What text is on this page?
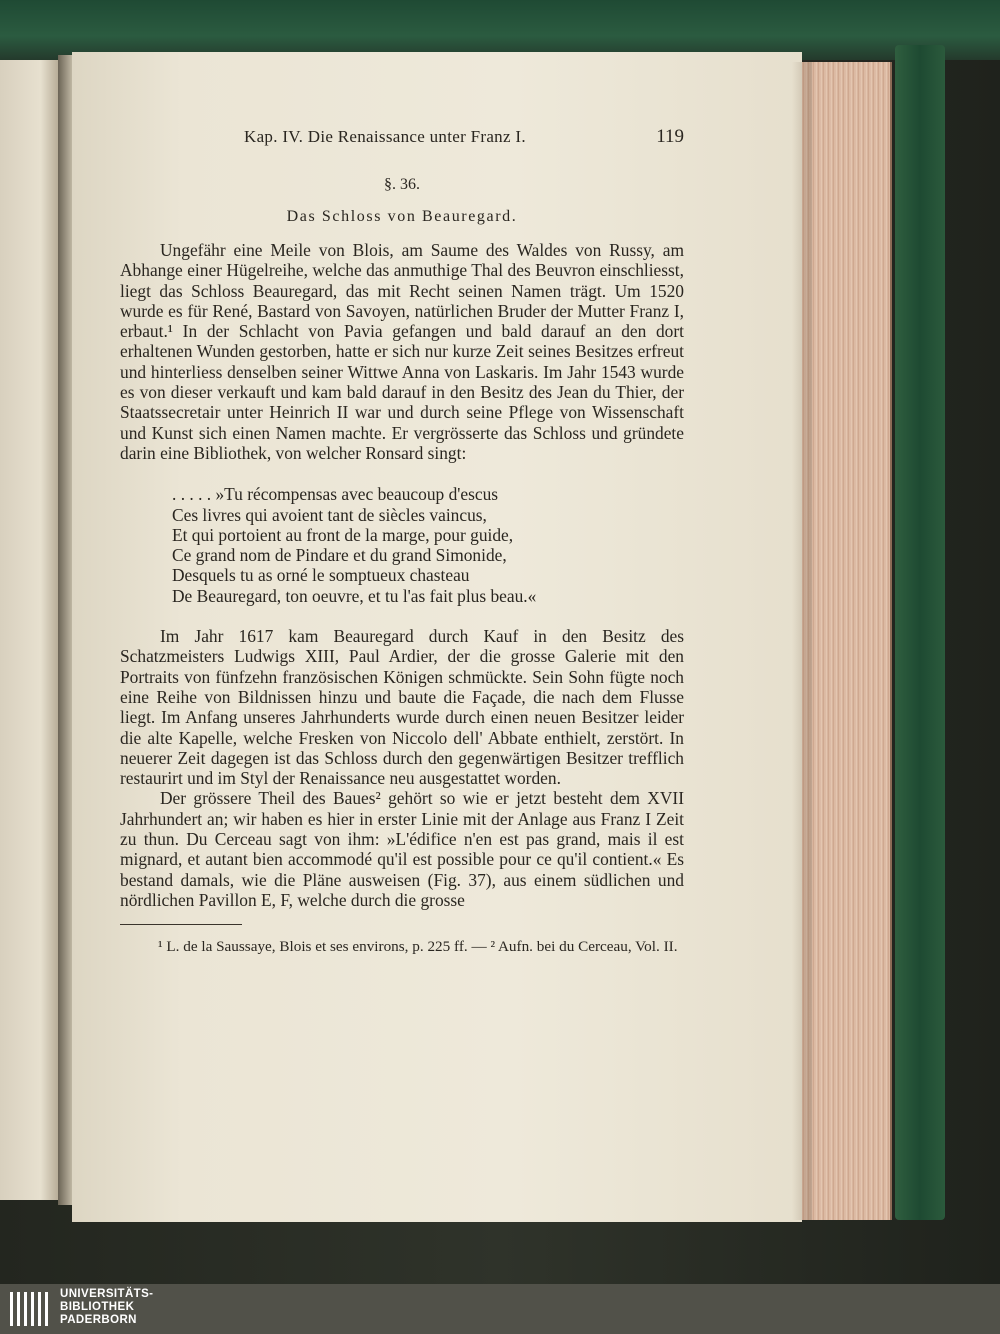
Kap. IV. Die Renaissance unter Franz I.	119
§. 36.
Das Schloss von Beauregard.

Ungefähr eine Meile von Blois, am Saume des Waldes von Russy, am Abhange einer Hügelreihe, welche das anmuthige Thal des Beuvron einschliesst, liegt das Schloss Beauregard, das mit Recht seinen Namen trägt. Um 1520 wurde es für René, Bastard von Savoyen, natürlichen Bruder der Mutter Franz I, erbaut.¹ In der Schlacht von Pavia gefangen und bald darauf an den dort erhaltenen Wunden gestorben, hatte er sich nur kurze Zeit seines Besitzes erfreut und hinterliess denselben seiner Wittwe Anna von Laskaris. Im Jahr 1543 wurde es von dieser verkauft und kam bald darauf in den Besitz des Jean du Thier, der Staatssecretair unter Heinrich II war und durch seine Pflege von Wissenschaft und Kunst sich einen Namen machte. Er vergrösserte das Schloss und gründete darin eine Bibliothek, von welcher Ronsard singt:

. . . . . »Tu récompensas avec beaucoup d'escus
Ces livres qui avoient tant de siècles vaincus,
Et qui portoient au front de la marge, pour guide,
Ce grand nom de Pindare et du grand Simonide,
Desquels tu as orné le somptueux chasteau
De Beauregard, ton oeuvre, et tu l'as fait plus beau.«

Im Jahr 1617 kam Beauregard durch Kauf in den Besitz des Schatzmeisters Ludwigs XIII, Paul Ardier, der die grosse Galerie mit den Portraits von fünfzehn französischen Königen schmückte. Sein Sohn fügte noch eine Reihe von Bildnissen hinzu und baute die Façade, die nach dem Flusse liegt. Im Anfang unseres Jahrhunderts wurde durch einen neuen Besitzer leider die alte Kapelle, welche Fresken von Niccolo dell' Abbate enthielt, zerstört. In neuerer Zeit dagegen ist das Schloss durch den gegenwärtigen Besitzer trefflich restaurirt und im Styl der Renaissance neu ausgestattet worden.

Der grössere Theil des Baues² gehört so wie er jetzt besteht dem XVII Jahrhundert an; wir haben es hier in erster Linie mit der Anlage aus Franz I Zeit zu thun. Du Cerceau sagt von ihm: »L'édifice n'en est pas grand, mais il est mignard, et autant bien accommodé qu'il est possible pour ce qu'il contient.« Es bestand damals, wie die Pläne ausweisen (Fig. 37), aus einem südlichen und nördlichen Pavillon E, F, welche durch die grosse

¹ L. de la Saussaye, Blois et ses environs, p. 225 ff. — ² Aufn. bei du Cerceau, Vol. II.

UNIVERSITÄTS-
BIBLIOTHEK
PADERBORN
